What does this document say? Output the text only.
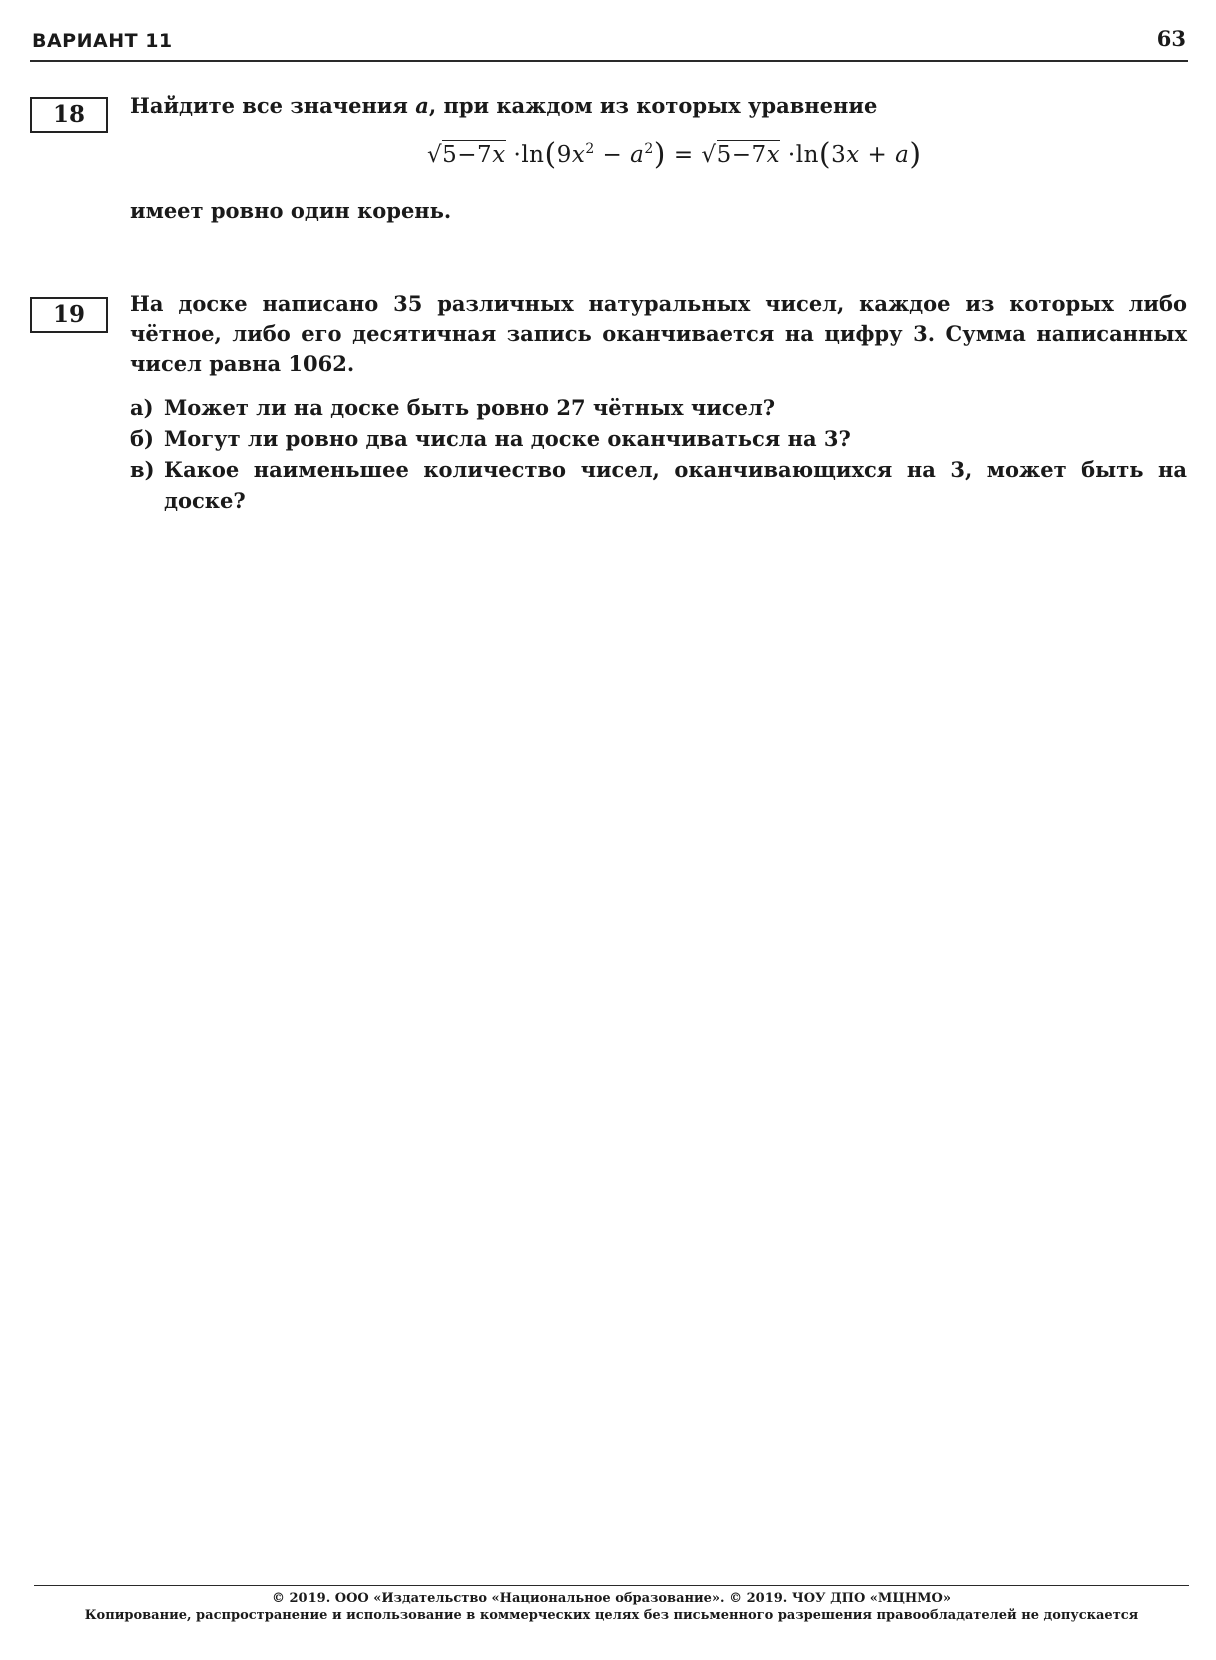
ВАРИАНТ 11	63
18	Найдите все значения a, при каждом из которых уравнение
$√5-7x \cdot\ln(9x^2 - a^2) = √5-7x \cdot\ln(3x + a)$
имеет ровно один корень.
19	На доске написано 35 различных натуральных чисел, каждое из которых либо чётное, либо его десятичная запись оканчивается на цифру 3. Сумма написанных чисел равна 1062.
а) Может ли на доске быть ровно 27 чётных чисел?
б) Могут ли ровно два числа на доске оканчиваться на 3?
в) Какое наименьшее количество чисел, оканчивающихся на 3, может быть на доске?
© 2019. ООО «Издательство «Национальное образование». © 2019. ЧОУ ДПО «МЦНМО»
Копирование, распространение и использование в коммерческих целях без письменного разрешения правообладателей не допускается
